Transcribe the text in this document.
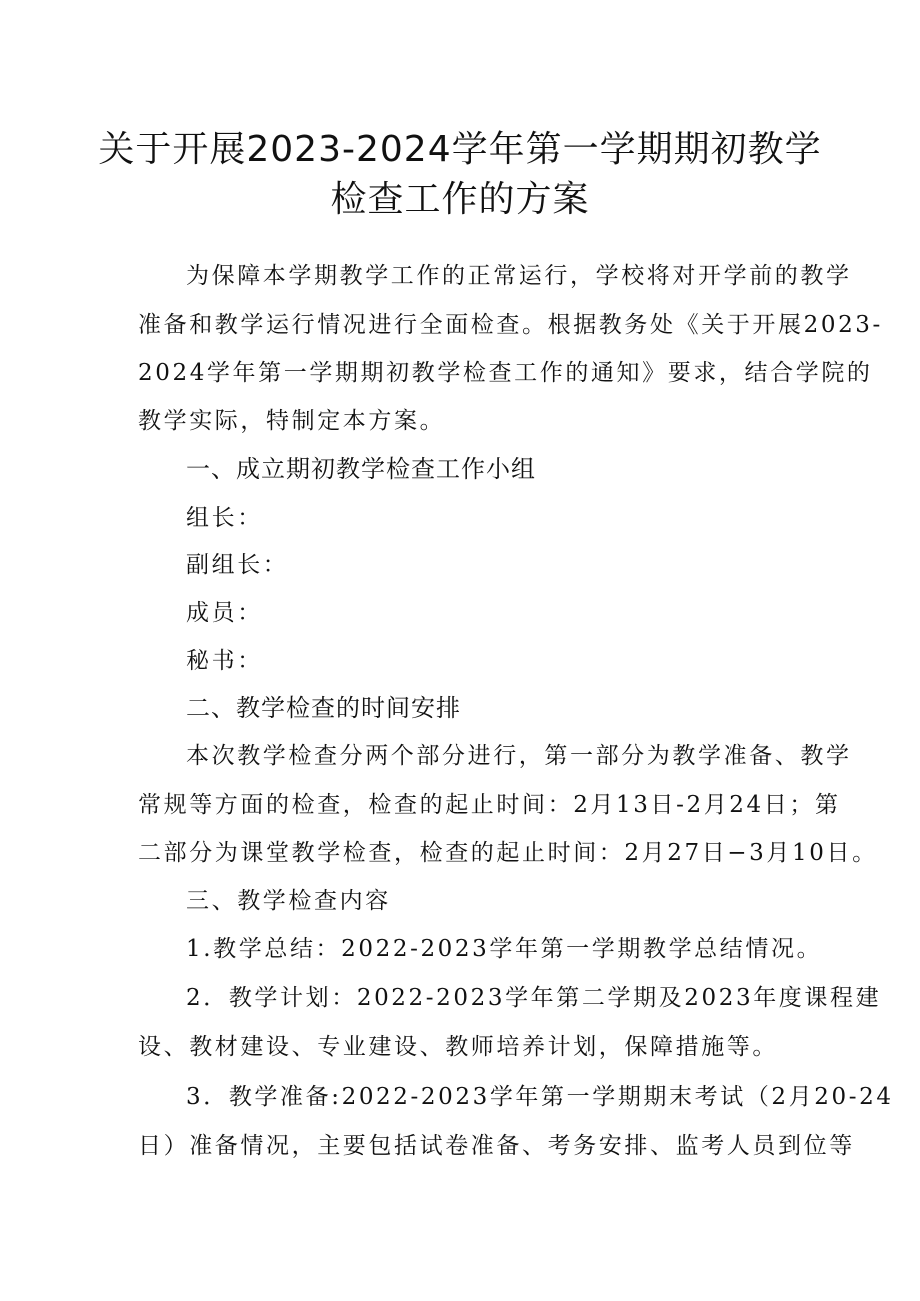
关于开展2023-2024学年第一学期期初教学
检查工作的方案
为保障本学期教学工作的正常运行，学校将对开学前的教学
准备和教学运行情况进行全面检查。根据教务处《关于开展2023-
2024学年第一学期期初教学检查工作的通知》要求，结合学院的
教学实际，特制定本方案。
一、成立期初教学检查工作小组
组长：
副组长：
成员：
秘书：
二、教学检查的时间安排
本次教学检查分两个部分进行，第一部分为教学准备、教学
常规等方面的检查，检查的起止时间：2月13日-2月24日；第
二部分为课堂教学检查，检查的起止时间：2月27日−3月10日。
三、教学检查内容
1.教学总结：2022-2023学年第一学期教学总结情况。
2．教学计划：2022-2023学年第二学期及2023年度课程建
设、教材建设、专业建设、教师培养计划，保障措施等。
3．教学准备:2022-2023学年第一学期期末考试（2月20-24
日）准备情况，主要包括试卷准备、考务安排、监考人员到位等
